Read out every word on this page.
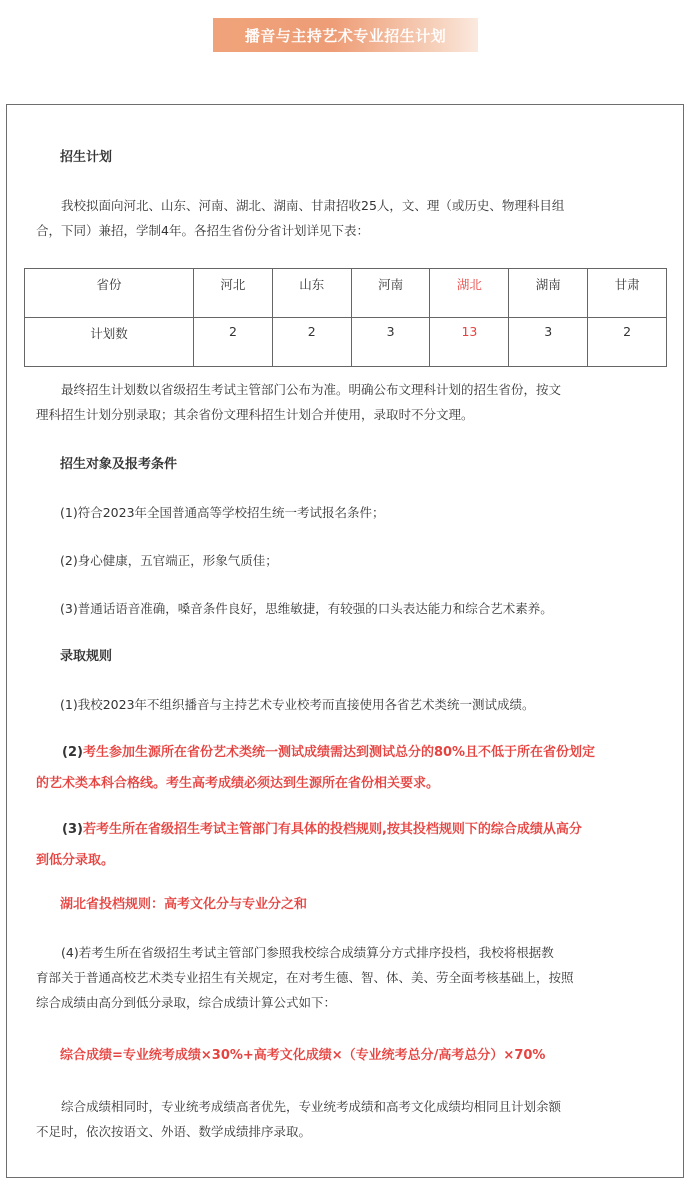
播音与主持艺术专业招生计划
招生计划
我校拟面向河北、山东、河南、湖北、湖南、甘肃招收25人，文、理（或历史、物理科目组
合，下同）兼招，学制4年。各招生省份分省计划详见下表：
省份	河北	山东	河南	湖北	湖南	甘肃
计划数	2	2	3	13	3	2
最终招生计划数以省级招生考试主管部门公布为准。明确公布文理科计划的招生省份，按文
理科招生计划分别录取；其余省份文理科招生计划合并使用，录取时不分文理。
招生对象及报考条件
(1)符合2023年全国普通高等学校招生统一考试报名条件；
(2)身心健康，五官端正，形象气质佳；
(3)普通话语音准确，嗓音条件良好，思维敏捷，有较强的口头表达能力和综合艺术素养。
录取规则
(1)我校2023年不组织播音与主持艺术专业校考而直接使用各省艺术类统一测试成绩。
(2)考生参加生源所在省份艺术类统一测试成绩需达到测试总分的80%且不低于所在省份划定
的艺术类本科合格线。考生高考成绩必须达到生源所在省份相关要求。
(3)若考生所在省级招生考试主管部门有具体的投档规则,按其投档规则下的综合成绩从高分
到低分录取。
湖北省投档规则：高考文化分与专业分之和
(4)若考生所在省级招生考试主管部门参照我校综合成绩算分方式排序投档，我校将根据教
育部关于普通高校艺术类专业招生有关规定，在对考生德、智、体、美、劳全面考核基础上，按照
综合成绩由高分到低分录取，综合成绩计算公式如下：
综合成绩=专业统考成绩×30%+高考文化成绩×（专业统考总分/高考总分）×70%
综合成绩相同时，专业统考成绩高者优先，专业统考成绩和高考文化成绩均相同且计划余额
不足时，依次按语文、外语、数学成绩排序录取。
